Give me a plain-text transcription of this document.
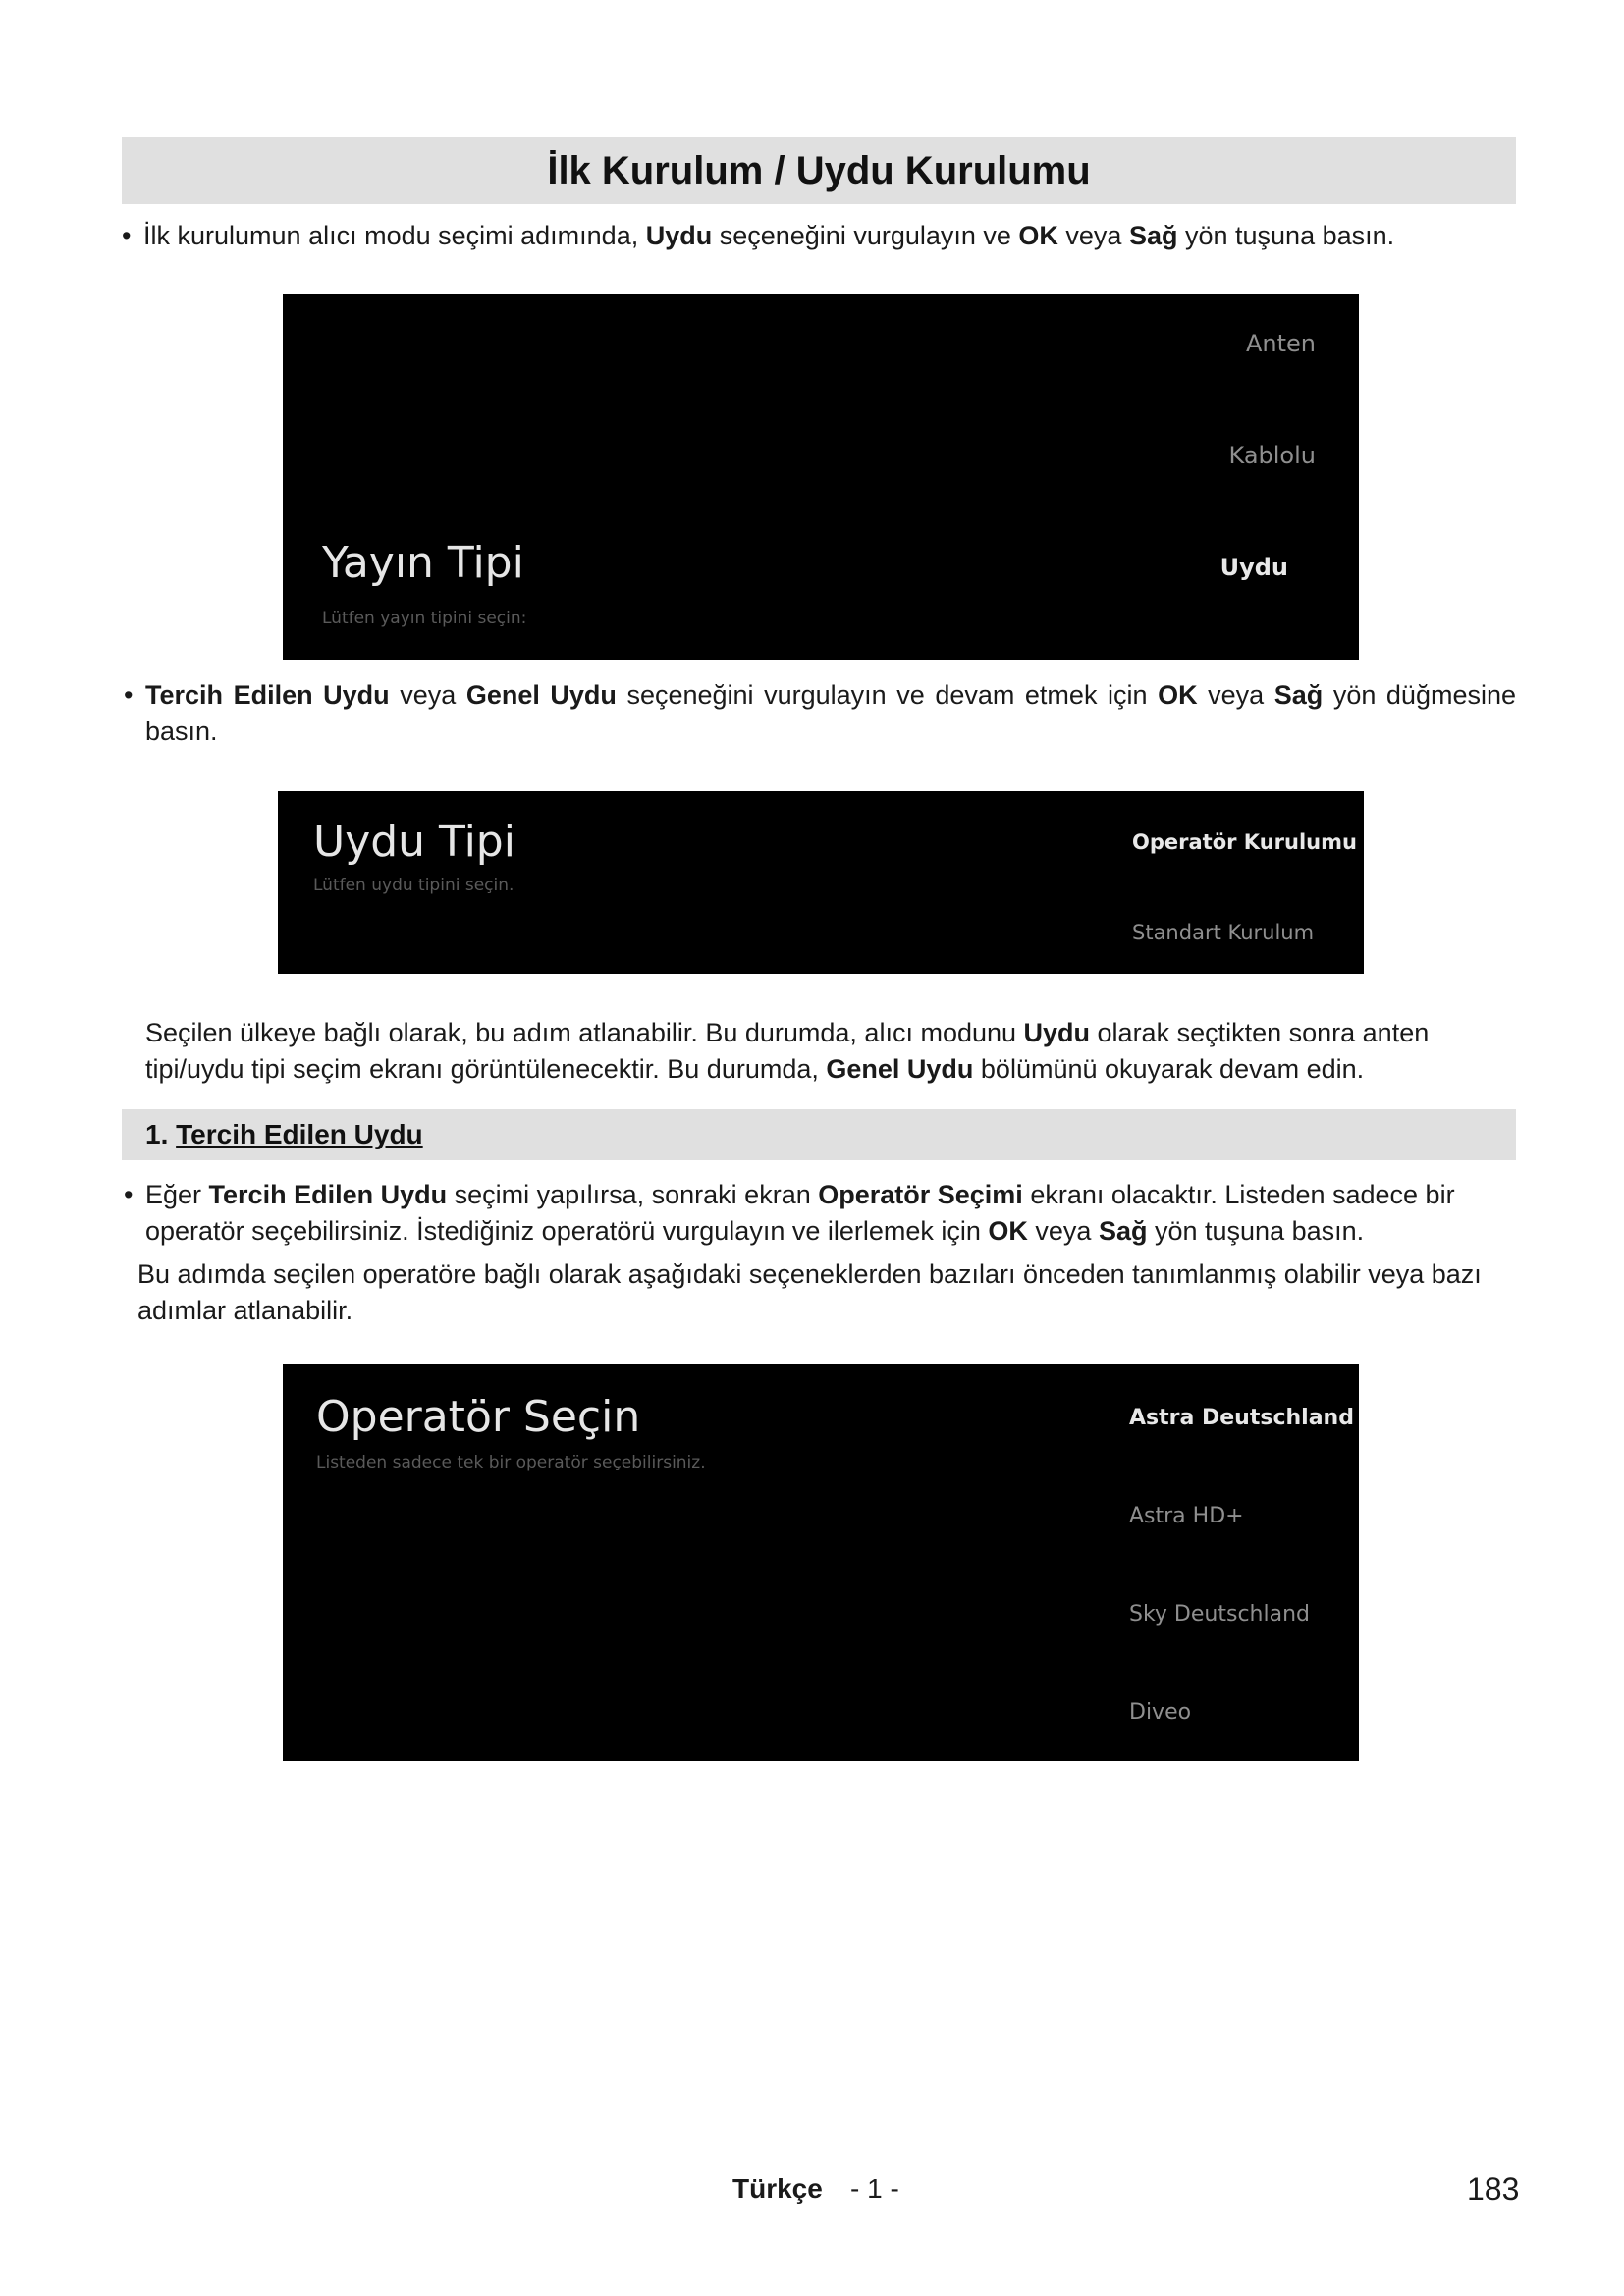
İlk Kurulum / Uydu Kurulumu
• İlk kurulumun alıcı modu seçimi adımında, Uydu seçeneğini vurgulayın ve OK veya Sağ yön tuşuna basın.
Anten
Kablolu
Uydu
Yayın Tipi
Lütfen yayın tipini seçin:
• Tercih Edilen Uydu veya Genel Uydu seçeneğini vurgulayın ve devam etmek için OK veya Sağ yön düğmesine basın.
Uydu Tipi
Lütfen uydu tipini seçin.
Operatör Kurulumu
Standart Kurulum
Seçilen ülkeye bağlı olarak, bu adım atlanabilir. Bu durumda, alıcı modunu Uydu olarak seçtikten sonra anten tipi/uydu tipi seçim ekranı görüntülenecektir. Bu durumda, Genel Uydu bölümünü okuyarak devam edin.
1. Tercih Edilen Uydu
• Eğer Tercih Edilen Uydu seçimi yapılırsa, sonraki ekran Operatör Seçimi ekranı olacaktır. Listeden sadece bir operatör seçebilirsiniz. İstediğiniz operatörü vurgulayın ve ilerlemek için OK veya Sağ yön tuşuna basın.
Bu adımda seçilen operatöre bağlı olarak aşağıdaki seçeneklerden bazıları önceden tanımlanmış olabilir veya bazı adımlar atlanabilir.
Operatör Seçin
Listeden sadece tek bir operatör seçebilirsiniz.
Astra Deutschland
Astra HD+
Sky Deutschland
Diveo
Türkçe - 1 -	183
